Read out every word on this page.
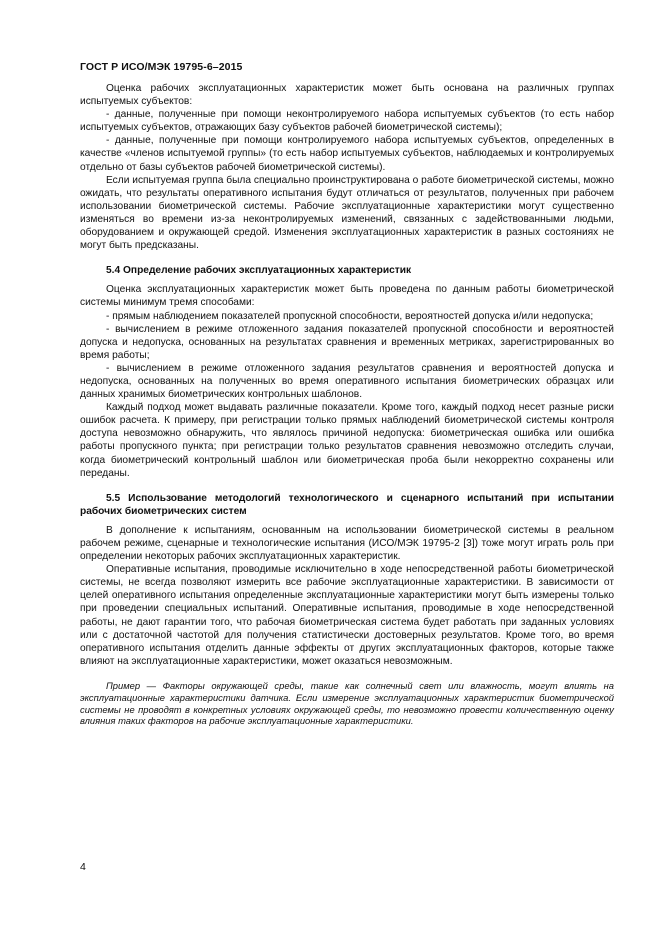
ГОСТ Р ИСО/МЭК 19795-6–2015

Оценка рабочих эксплуатационных характеристик может быть основана на различных группах испытуемых субъектов:

- данные, полученные при помощи неконтролируемого набора испытуемых субъектов (то есть набор испытуемых субъектов, отражающих базу субъектов рабочей биометрической системы);

- данные, полученные при помощи контролируемого набора испытуемых субъектов, определенных в качестве «членов испытуемой группы» (то есть набор испытуемых субъектов, наблюдаемых и контролируемых отдельно от базы субъектов рабочей биометрической системы).

Если испытуемая группа была специально проинструктирована о работе биометрической системы, можно ожидать, что результаты оперативного испытания будут отличаться от результатов, полученных при рабочем использовании биометрической системы. Рабочие эксплуатационные характеристики могут существенно изменяться во времени из-за неконтролируемых изменений, связанных с задействованными людьми, оборудованием и окружающей средой. Изменения эксплуатационных характеристик в разных состояниях не могут быть предсказаны.

5.4 Определение рабочих эксплуатационных характеристик

Оценка эксплуатационных характеристик может быть проведена по данным работы биометрической системы минимум тремя способами:

- прямым наблюдением показателей пропускной способности, вероятностей допуска и/или недопуска;

- вычислением в режиме отложенного задания показателей пропускной способности и вероятностей допуска и недопуска, основанных на результатах сравнения и временных метриках, зарегистрированных во время работы;

- вычислением в режиме отложенного задания результатов сравнения и вероятностей допуска и недопуска, основанных на полученных во время оперативного испытания биометрических образцах или данных хранимых биометрических контрольных шаблонов.

Каждый подход может выдавать различные показатели. Кроме того, каждый подход несет разные риски ошибок расчета. К примеру, при регистрации только прямых наблюдений биометрической системы контроля доступа невозможно обнаружить, что являлось причиной недопуска: биометрическая ошибка или ошибка работы пропускного пункта; при регистрации только результатов сравнения невозможно отследить случаи, когда биометрический контрольный шаблон или биометрическая проба были некорректно сохранены или переданы.

5.5 Использование методологий технологического и сценарного испытаний при испытании рабочих биометрических систем

В дополнение к испытаниям, основанным на использовании биометрической системы в реальном рабочем режиме, сценарные и технологические испытания (ИСО/МЭК 19795-2 [3]) тоже могут играть роль при определении некоторых рабочих эксплуатационных характеристик.

Оперативные испытания, проводимые исключительно в ходе непосредственной работы биометрической системы, не всегда позволяют измерить все рабочие эксплуатационные характеристики. В зависимости от целей оперативного испытания определенные эксплуатационные характеристики могут быть измерены только при проведении специальных испытаний. Оперативные испытания, проводимые в ходе непосредственной работы, не дают гарантии того, что рабочая биометрическая система будет работать при заданных условиях или с достаточной частотой для получения статистически достоверных результатов. Кроме того, во время оперативного испытания отделить данные эффекты от других эксплуатационных факторов, которые также влияют на эксплуатационные характеристики, может оказаться невозможным.

Пример — Факторы окружающей среды, такие как солнечный свет или влажность, могут влиять на эксплуатационные характеристики датчика. Если измерение эксплуатационных характеристик биометрической системы не проводят в конкретных условиях окружающей среды, то невозможно провести количественную оценку влияния таких факторов на рабочие эксплуатационные характеристики.

4
